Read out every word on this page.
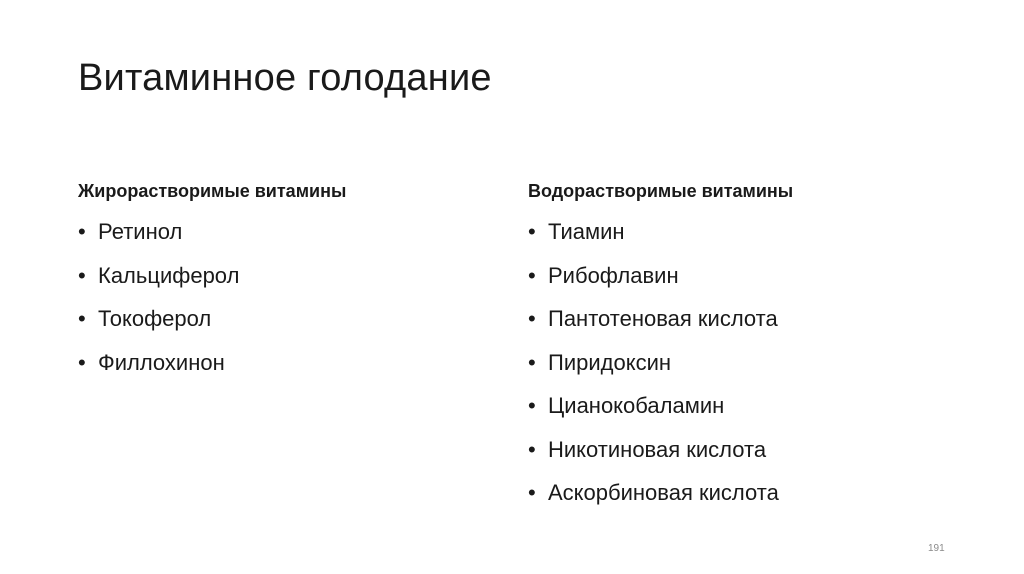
Витаминное голодание
Жирорастворимые витамины
• Ретинол
• Кальциферол
• Токоферол
• Филлохинон
Водорастворимые витамины
• Тиамин
• Рибофлавин
• Пантотеновая кислота
• Пиридоксин
• Цианокобаламин
• Никотиновая кислота
• Аскорбиновая кислота
191
